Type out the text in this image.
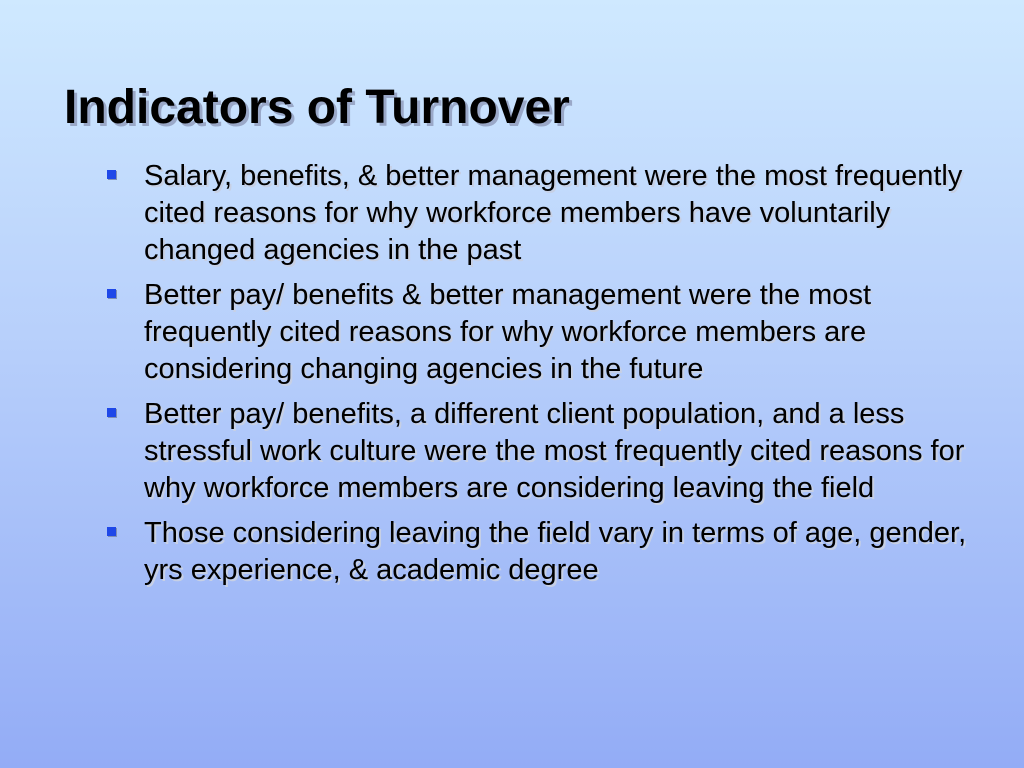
Indicators of Turnover
Salary, benefits, & better management were the most frequently cited reasons for why workforce members have voluntarily changed agencies in the past
Better pay/ benefits & better management were the most frequently cited reasons for why workforce members are considering changing agencies in the future
Better pay/ benefits, a different client population, and a less stressful work culture were the most frequently cited reasons for why workforce members are considering leaving the field
Those considering leaving the field vary in terms of age, gender, yrs experience, & academic degree
